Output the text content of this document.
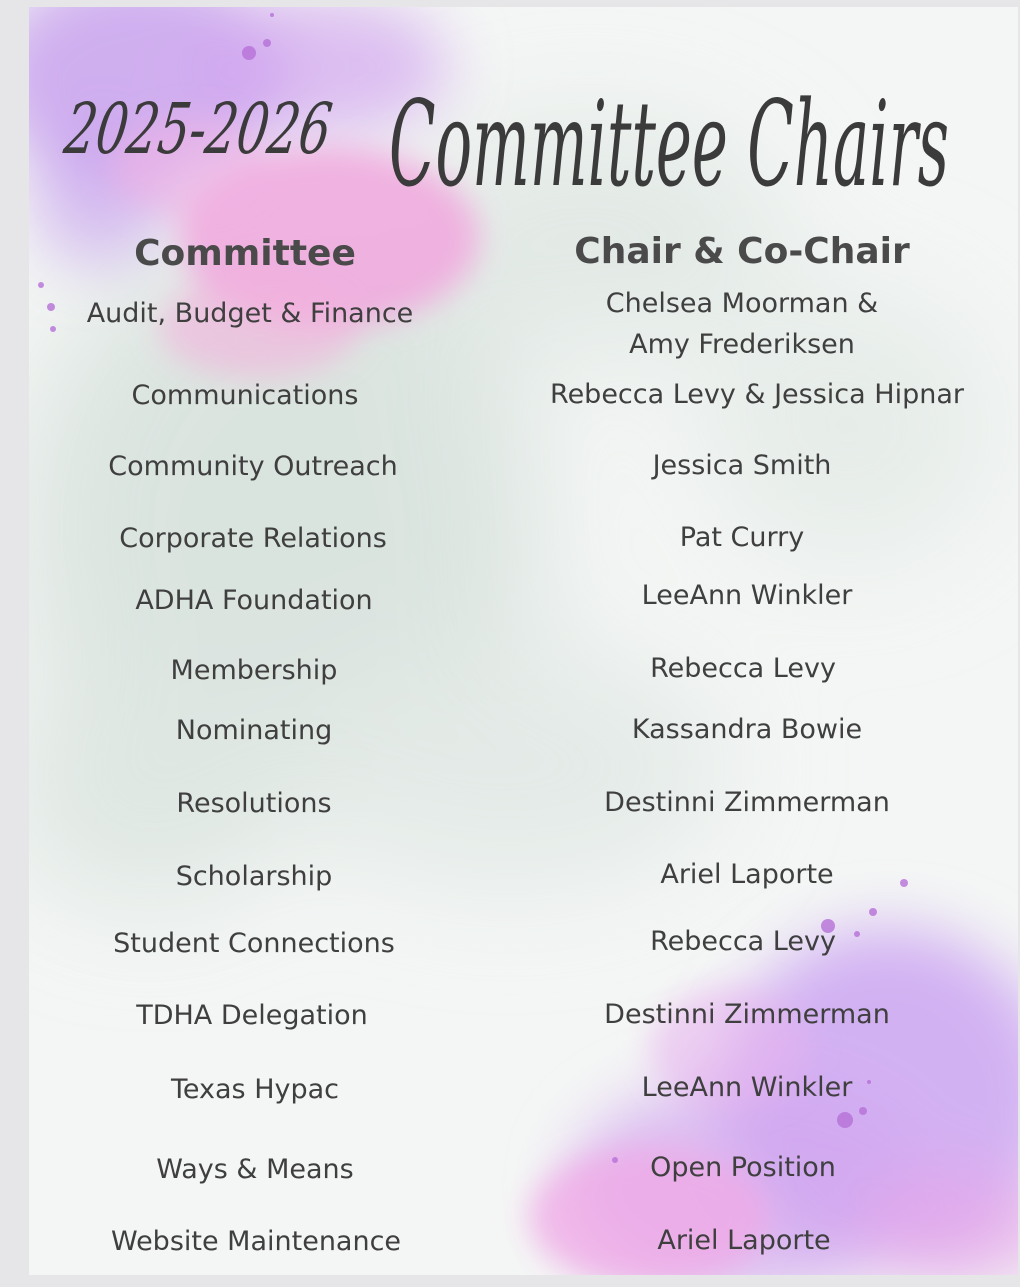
2025-2026
Committee Chairs
Committee	Chair & Co-Chair
Audit, Budget & Finance
Communications
Community Outreach
Corporate Relations
ADHA Foundation
Membership
Nominating
Resolutions
Scholarship
Student Connections
TDHA Delegation
Texas Hypac
Ways & Means
Website Maintenance
Chelsea Moorman & Amy Frederiksen
Rebecca Levy & Jessica Hipnar
Jessica Smith
Pat Curry
LeeAnn Winkler
Rebecca Levy
Kassandra Bowie
Destinni Zimmerman
Ariel Laporte
Rebecca Levy
Destinni Zimmerman
LeeAnn Winkler
Open Position
Ariel Laporte
